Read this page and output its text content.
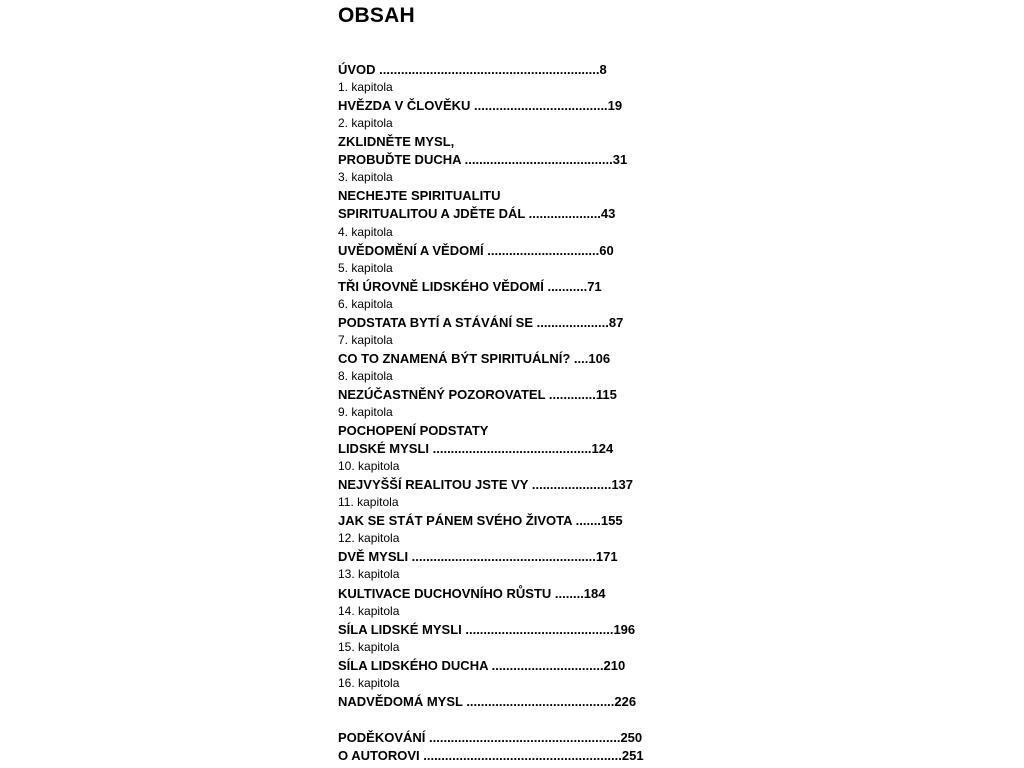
OBSAH
ÚVOD .............................................................8
1. kapitola
HVĚZDA V ČLOVĚKU .....................................19
2. kapitola
ZKLIDNĚTE MYSL,
PROBUĎTE DUCHA .........................................31
3. kapitola
NECHEJTE SPIRITUALITU
SPIRITUALITOU A JDĚTE DÁL ....................43
4. kapitola
UVĚDOMĚNÍ A VĚDOMÍ ...............................60
5. kapitola
TŘI ÚROVNĚ LIDSKÉHO VĚDOMÍ ...........71
6. kapitola
PODSTATA BYTÍ A STÁVÁNÍ SE ....................87
7. kapitola
CO TO ZNAMENÁ BÝT SPIRITUÁLNÍ? ....106
8. kapitola
NEZÚČASTNĚNÝ POZOROVATEL .............115
9. kapitola
POCHOPENÍ PODSTATY
LIDSKÉ MYSLI ............................................124
10. kapitola
NEJVYŠŠÍ REALITOU JSTE VY ......................137
11. kapitola
JAK SE STÁT PÁNEM SVÉHO ŽIVOTA .......155
12. kapitola
DVĚ MYSLI ...................................................171
13. kapitola
KULTIVACE DUCHOVNÍHO RŮSTU ........184
14. kapitola
SÍLA LIDSKÉ MYSLI .........................................196
15. kapitola
SÍLA LIDSKÉHO DUCHA ...............................210
16. kapitola
NADVĚDOMÁ MYSL .........................................226
PODĚKOVÁNÍ .....................................................250
O AUTOROVI .......................................................251
